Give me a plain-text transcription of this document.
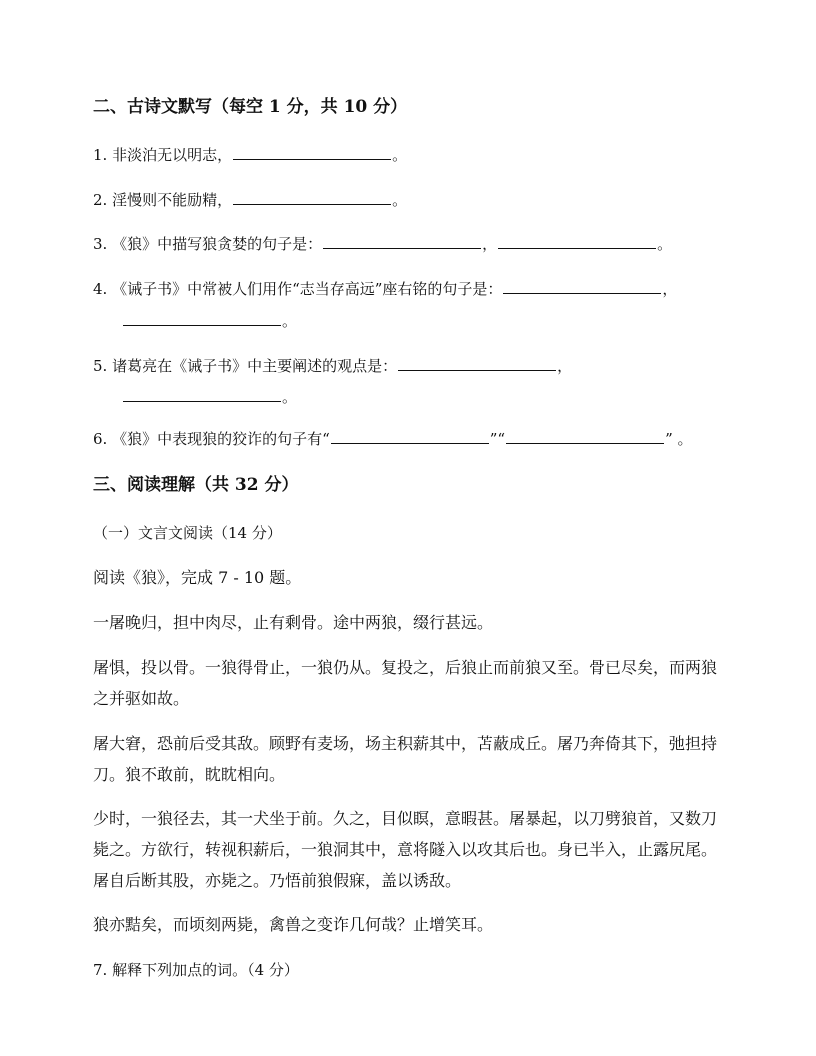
二、古诗文默写（每空 1 分，共 10 分）
1. 非淡泊无以明志，	。
2. 淫慢则不能励精，	。
3. 《狼》中描写狼贪婪的句子是：	，	。
4. 《诫子书》中常被人们用作“志当存高远”座右铭的句子是：	，
。
5. 诸葛亮在《诫子书》中主要阐述的观点是：	，
。
6. 《狼》中表现狼的狡诈的句子有“	”“	” 。
三、阅读理解（共 32 分）
（一）文言文阅读（14 分）
阅读《狼》，完成 7 - 10 题。
一屠晚归，担中肉尽，止有剩骨。途中两狼，缀行甚远。
屠惧，投以骨。一狼得骨止，一狼仍从。复投之，后狼止而前狼又至。骨已尽矣，而两狼之并驱如故。
屠大窘，恐前后受其敌。顾野有麦场，场主积薪其中，苫蔽成丘。屠乃奔倚其下，弛担持刀。狼不敢前，眈眈相向。
少时，一狼径去，其一犬坐于前。久之，目似瞑，意暇甚。屠暴起，以刀劈狼首，又数刀毙之。方欲行，转视积薪后，一狼洞其中，意将隧入以攻其后也。身已半入，止露尻尾。屠自后断其股，亦毙之。乃悟前狼假寐，盖以诱敌。
狼亦黠矣，而顷刻两毙，禽兽之变诈几何哉？止增笑耳。
7. 解释下列加点的词。（4 分）
